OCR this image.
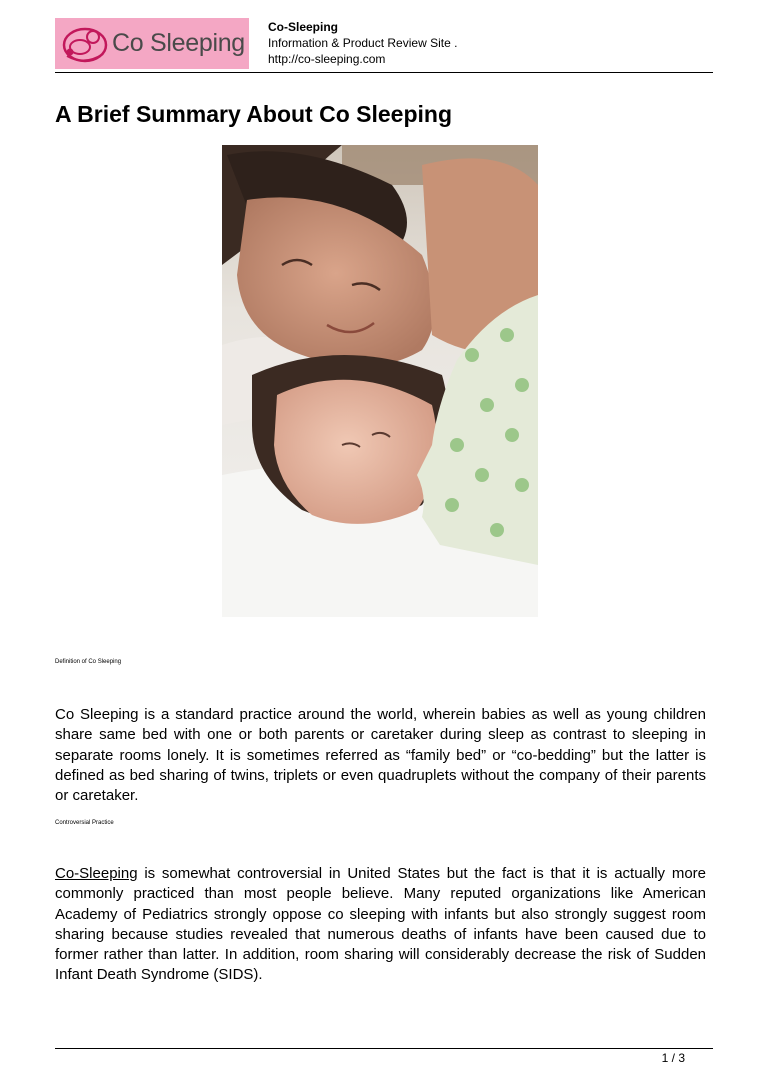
Co Sleeping
Co-Sleeping
Information & Product Review Site .
http://co-sleeping.com
A Brief Summary About Co Sleeping
Definition of Co Sleeping

Co Sleeping is a standard practice around the world, wherein babies as well as young children share same bed with one or both parents or caretaker during sleep as contrast to sleeping in separate rooms lonely. It is sometimes referred as “family bed” or “co-bedding” but the latter is defined as bed sharing of twins, triplets or even quadruplets without the company of their parents or caretaker.

Controversial Practice

Co-Sleeping is somewhat controversial in United States but the fact is that it is actually more commonly practiced than most people believe. Many reputed organizations like American Academy of Pediatrics strongly oppose co sleeping with infants but also strongly suggest room sharing because studies revealed that numerous deaths of infants have been caused due to former rather than latter. In addition, room sharing will considerably decrease the risk of Sudden Infant Death Syndrome (SIDS).

1 / 3
